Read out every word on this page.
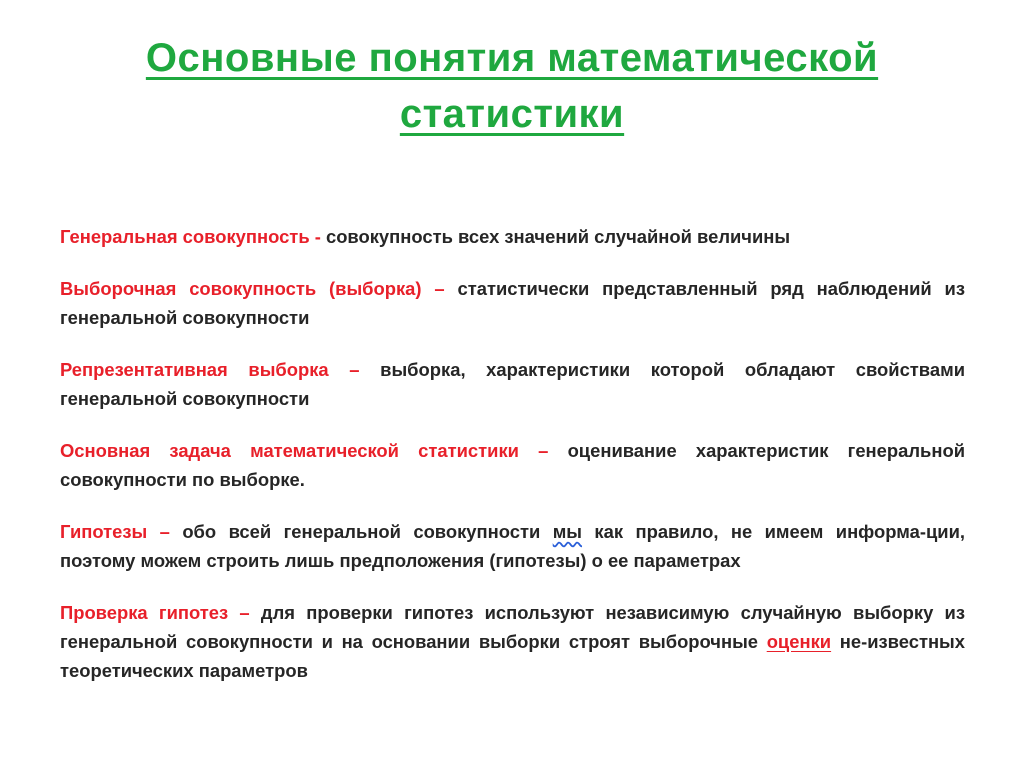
Основные понятия математической
статистики
Генеральная совокупность - совокупность всех значений случайной величины
Выборочная совокупность (выборка) – статистически представленный ряд наблюдений из генеральной совокупности
Репрезентативная выборка – выборка, характеристики которой обладают свойствами генеральной совокупности
Основная задача математической статистики – оценивание характеристик генеральной совокупности по выборке.
Гипотезы – обо всей генеральной совокупности мы как правило, не имеем информа-ции, поэтому можем строить лишь предположения (гипотезы) о ее параметрах
Проверка гипотез – для проверки гипотез используют независимую случайную выборку из генеральной совокупности и на основании выборки строят выборочные оценки не-известных теоретических параметров
